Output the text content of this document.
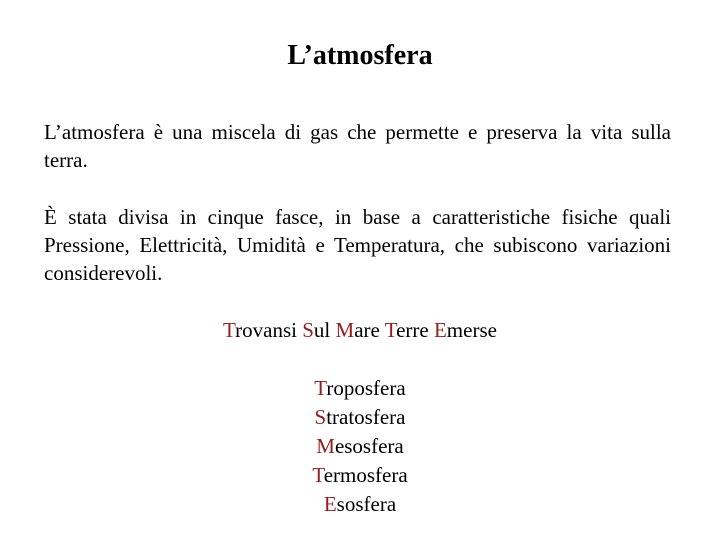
L’atmosfera

L’atmosfera è una miscela di gas che permette e preserva la vita sulla terra.

È stata divisa in cinque fasce, in base a caratteristiche fisiche quali Pressione, Elettricità, Umidità e Temperatura, che subiscono variazioni considerevoli.

Trovansi Sul Mare Terre Emerse
Troposfera
Stratosfera
Mesosfera
Termosfera
Esosfera
